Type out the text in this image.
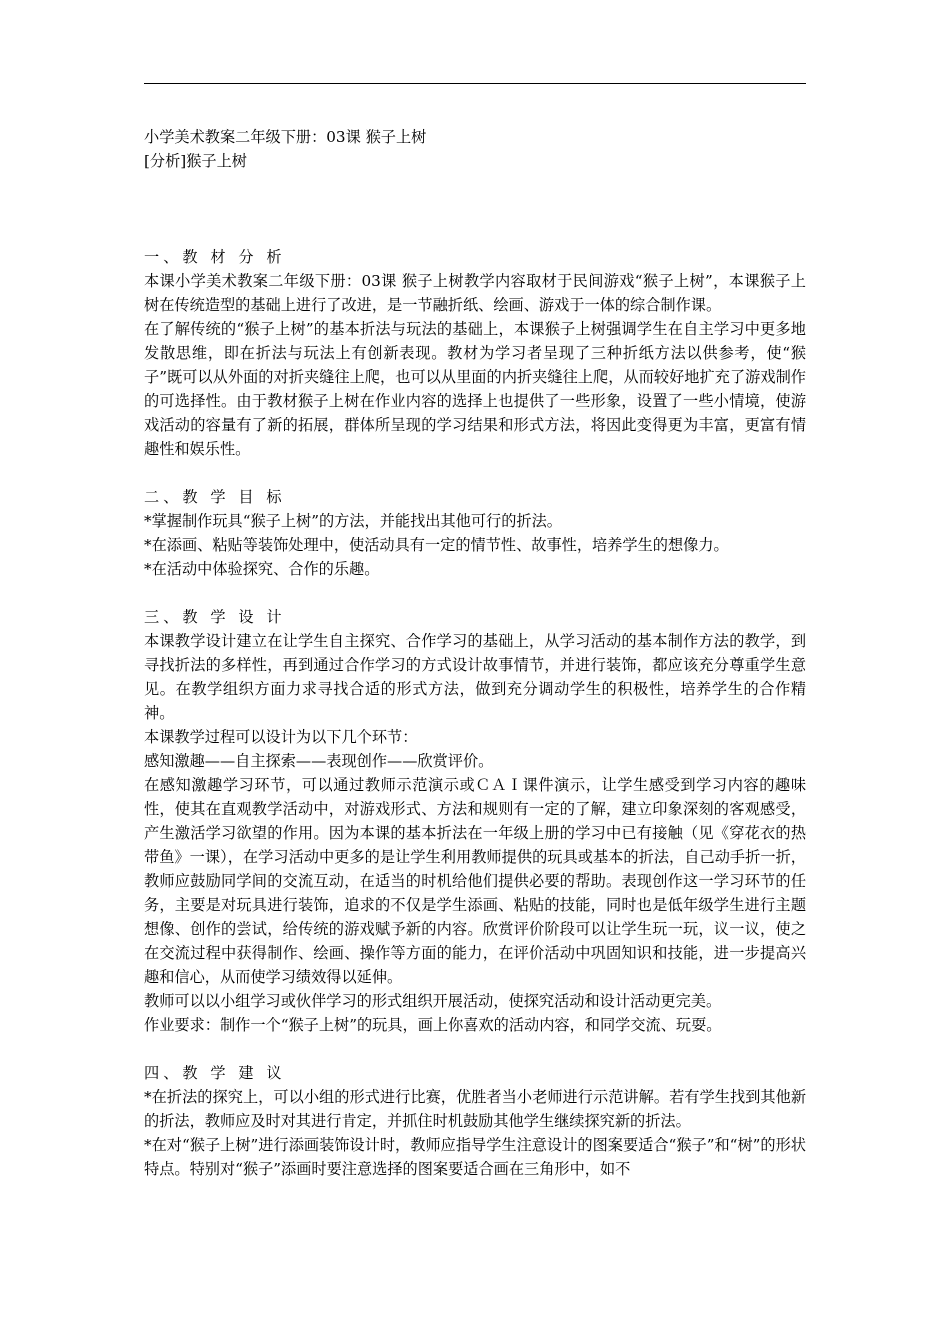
小学美术教案二年级下册：03课 猴子上树
[分析]猴子上树
一、教 材 分 析
本课小学美术教案二年级下册：03课 猴子上树教学内容取材于民间游戏“猴子上树”，本课猴子上树在传统造型的基础上进行了改进，是一节融折纸、绘画、游戏于一体的综合制作课。
在了解传统的“猴子上树”的基本折法与玩法的基础上，本课猴子上树强调学生在自主学习中更多地发散思维，即在折法与玩法上有创新表现。教材为学习者呈现了三种折纸方法以供参考，使“猴子”既可以从外面的对折夹缝往上爬，也可以从里面的内折夹缝往上爬，从而较好地扩充了游戏制作的可选择性。由于教材猴子上树在作业内容的选择上也提供了一些形象，设置了一些小情境，使游戏活动的容量有了新的拓展，群体所呈现的学习结果和形式方法，将因此变得更为丰富，更富有情趣性和娱乐性。
二、教 学 目 标
*掌握制作玩具“猴子上树”的方法，并能找出其他可行的折法。
*在添画、粘贴等装饰处理中，使活动具有一定的情节性、故事性，培养学生的想像力。
*在活动中体验探究、合作的乐趣。
三、教 学 设 计
本课教学设计建立在让学生自主探究、合作学习的基础上，从学习活动的基本制作方法的教学，到寻找折法的多样性，再到通过合作学习的方式设计故事情节，并进行装饰，都应该充分尊重学生意见。在教学组织方面力求寻找合适的形式方法，做到充分调动学生的积极性，培养学生的合作精神。
本课教学过程可以设计为以下几个环节：
感知激趣——自主探索——表现创作——欣赏评价。
在感知激趣学习环节，可以通过教师示范演示或ＣＡＩ课件演示，让学生感受到学习内容的趣味性，使其在直观教学活动中，对游戏形式、方法和规则有一定的了解，建立印象深刻的客观感受，产生激活学习欲望的作用。因为本课的基本折法在一年级上册的学习中已有接触（见《穿花衣的热带鱼》一课），在学习活动中更多的是让学生利用教师提供的玩具或基本的折法，自己动手折一折，教师应鼓励同学间的交流互动，在适当的时机给他们提供必要的帮助。表现创作这一学习环节的任务，主要是对玩具进行装饰，追求的不仅是学生添画、粘贴的技能，同时也是低年级学生进行主题想像、创作的尝试，给传统的游戏赋予新的内容。欣赏评价阶段可以让学生玩一玩，议一议，使之在交流过程中获得制作、绘画、操作等方面的能力，在评价活动中巩固知识和技能，进一步提高兴趣和信心，从而使学习绩效得以延伸。
教师可以以小组学习或伙伴学习的形式组织开展活动，使探究活动和设计活动更完美。
作业要求：制作一个“猴子上树”的玩具，画上你喜欢的活动内容，和同学交流、玩耍。
四、教 学 建 议
*在折法的探究上，可以小组的形式进行比赛，优胜者当小老师进行示范讲解。若有学生找到其他新的折法，教师应及时对其进行肯定，并抓住时机鼓励其他学生继续探究新的折法。
*在对“猴子上树”进行添画装饰设计时，教师应指导学生注意设计的图案要适合“猴子”和“树”的形状特点。特别对“猴子”添画时要注意选择的图案要适合画在三角形中，如不
